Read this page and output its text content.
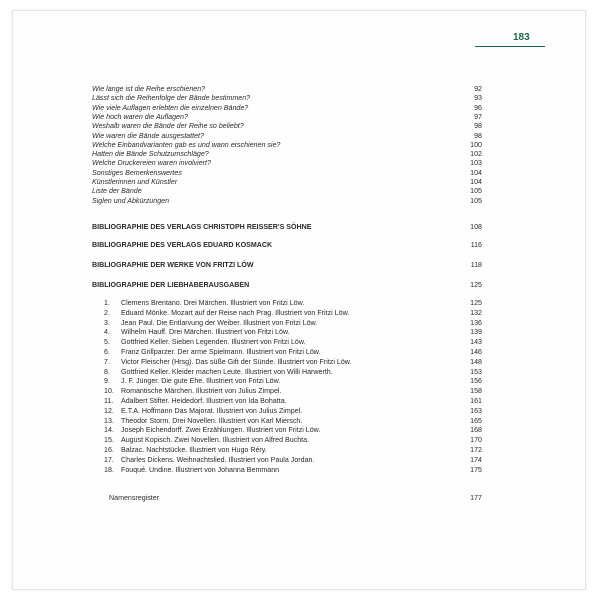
183
Wie lange ist die Reihe erschienen?	92
Lässt sich die Reihenfolge der Bände bestimmen?	93
Wie viele Auflagen erlebten die einzelnen Bände?	96
Wie hoch waren die Auflagen?	97
Weshalb waren die Bände der Reihe so beliebt?	98
Wie waren die Bände ausgestattet?	98
Welche Einbandvarianten gab es und wann erschienen sie?	100
Hatten die Bände Schutzumschläge?	102
Welche Druckereien waren involviert?	103
Sonstiges Bemerkenswertes	104
Künstlerinnen und Künstler	104
Liste der Bände	105
Siglen und Abkürzungen	105
BIBLIOGRAPHIE DES VERLAGS CHRISTOPH REISSER'S SÖHNE	108
BIBLIOGRAPHIE DES VERLAGS EDUARD KOSMACK	116
BIBLIOGRAPHIE DER WERKE VON FRITZI LÖW	118
BIBLIOGRAPHIE DER LIEBHABERAUSGABEN	125
1. Clemens Brentano. Drei Märchen. Illustriert von Fritzi Löw.	125
2. Eduard Mörike. Mozart auf der Reise nach Prag. Illustriert von Fritzi Löw.	132
3. Jean Paul. Die Entlarvung der Weiber. Illustriert von Fritzi Löw.	136
4. Wilhelm Hauff. Drei Märchen. Illustriert von Fritzi Löw.	139
5. Gottfried Keller. Sieben Legenden. Illustriert von Fritzi Löw.	143
6. Franz Grillparzer. Der arme Spielmann. Illustriert von Fritzi Löw.	146
7. Victor Fleischer (Hrsg). Das süße Gift der Sünde. Illustriert von Fritzi Löw.	148
8. Gottfried Keller. Kleider machen Leute. Illustriert von Willi Harwerth.	153
9. J. F. Jünger. Die gute Ehe. Illustriert von Fritzi Löw.	156
10. Romantische Märchen. Illustriert von Julius Zimpel.	158
11. Adalbert Stifter. Heidedorf. Illustriert von Ida Bohatta.	161
12. E.T.A. Hoffmann Das Majorat. Illustriert von Julius Zimpel.	163
13. Theodor Storm. Drei Novellen. Illustriert von Karl Miersch.	165
14. Joseph Eichendorff. Zwei Erzählungen. Illustriert von Fritzi Löw.	168
15. August Kopisch. Zwei Novellen. Illustriert von Alfred Buchta.	170
16. Balzac. Nachtstücke. Illustriert von Hugo Réry.	172
17. Charles Dickens. Weihnachtslied. Illustriert von Paula Jordan.	174
18. Fouqué. Undine. Illustriert von Johanna Bemmann	175
Namensregister	177
